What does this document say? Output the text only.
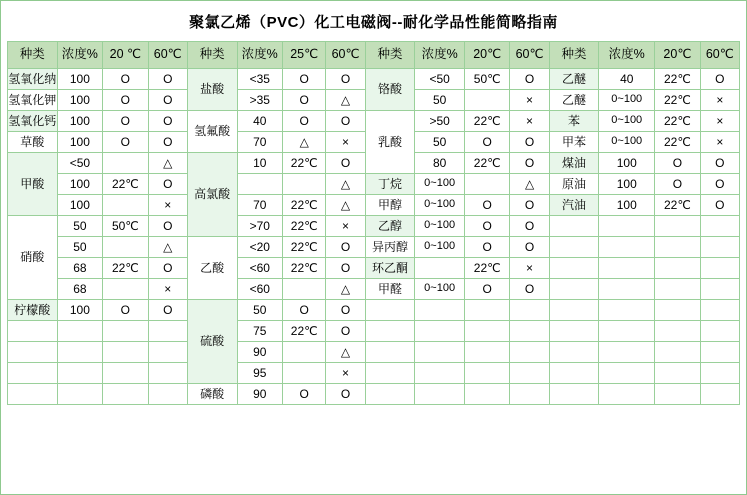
聚氯乙烯（PVC）化工电磁阀--耐化学品性能简略指南
种类	浓度%	20 ℃	60℃	种类	浓度%	25℃	60℃	种类	浓度%	20℃	60℃	种类	浓度%	20℃	60℃
氢氧化纳	100	O	O	盐酸	<35	O	O	铬酸	<50	50℃	O	乙醚	40	22℃	O
氢氧化钾	100	O	O		>35	O	△		50		×	乙醚	0~100	22℃	×
氢氧化钙	100	O	O	氢氟酸	40	O	O	乳酸	>50	22℃	×	苯	0~100	22℃	×
草酸	100	O	O		70	△	×		50	O	O	甲苯	0~100	22℃	×
甲酸	<50		△	高氯酸	10	22℃	O		80	22℃	O	煤油	100	O	O
	100	22℃	O				△	丁烷	0~100		△	原油	100	O	O
	100		×		70	22℃	△	甲醇	0~100	O	O	汽油	100	22℃	O
硝酸	50	50℃	O		>70	22℃	×	乙醇	0~100	O	O				
	50		△	乙酸	<20	22℃	O	异丙醇	0~100	O	O				
	68	22℃	O		<60	22℃	O	环乙酮		22℃	×				
	68		×		<60		△	甲醛	0~100	O	O				
柠檬酸	100	O	O	硫酸	50	O	O								
					75	22℃	O								
					90		△								
					95		×								
				磷酸	90	O	O								
